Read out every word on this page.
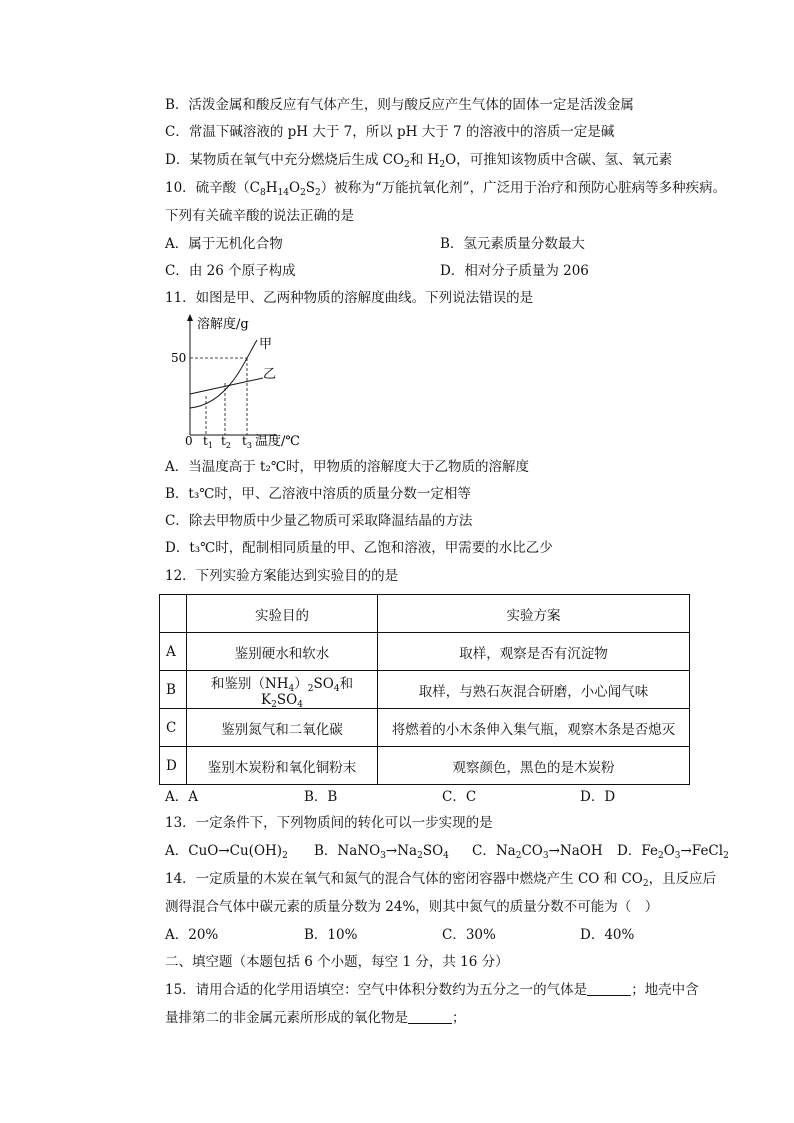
B．活泼金属和酸反应有气体产生，则与酸反应产生气体的固体一定是活泼金属
C．常温下碱溶液的 pH 大于 7，所以 pH 大于 7 的溶液中的溶质一定是碱
D．某物质在氧气中充分燃烧后生成 $CO_2$和 $H_2O$，可推知该物质中含碳、氢、氧元素
10．硫辛酸$(C_8H_{14}O_2S_2)$被称为“万能抗氧化剂”，广泛用于治疗和预防心脏病等多种疾病。
下列有关硫辛酸的说法正确的是
A．属于无机化合物	B．氢元素质量分数最大
C．由 26 个原子构成	D．相对分子质量为 206
11．如图是甲、乙两种物质的溶解度曲线。下列说法错误的是
溶解度/g
50
甲
乙
0 $t_1$ $t_2$ $t_3$ 温度/℃
A．当温度高于 t₂℃时，甲物质的溶解度大于乙物质的溶解度
B．t₃℃时，甲、乙溶液中溶质的质量分数一定相等
C．除去甲物质中少量乙物质可采取降温结晶的方法
D．t₃℃时，配制相同质量的甲、乙饱和溶液，甲需要的水比乙少
12．下列实验方案能达到实验目的的是
	实验目的	实验方案
A	鉴别硬水和软水	取样，观察是否有沉淀物
B	和鉴别$(NH_4)_2SO_4$和 $K_2SO_4$	取样，与熟石灰混合研磨，小心闻气味
C	鉴别氮气和二氧化碳	将燃着的小木条伸入集气瓶，观察木条是否熄灭
D	鉴别木炭粉和氧化铜粉末	观察颜色，黑色的是木炭粉
A．A	B．B	C．C	D．D
13．一定条件下，下列物质间的转化可以一步实现的是
A．$CuO\to Cu(OH)_2$ B．$NaNO_3\to Na_2SO_4$ C．$Na_2CO_3\to NaOH$ D．$Fe_2O_3\to FeCl_2$
14．一定质量的木炭在氧气和氮气的混合气体的密闭容器中燃烧产生 CO 和 $CO_2$，且反应后
测得混合气体中碳元素的质量分数为 24%，则其中氮气的质量分数不可能为（　）
A．20%	B．10%	C．30%	D．40%
二、填空题（本题包括 6 个小题，每空 1 分，共 16 分）
15．请用合适的化学用语填空：空气中体积分数约为五分之一的气体是	；地壳中含
量排第二的非金属元素所形成的氧化物是	；
